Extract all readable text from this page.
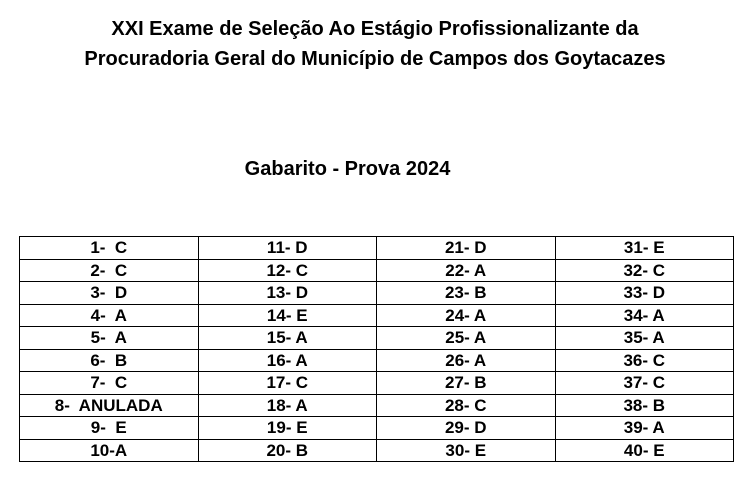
XXI Exame de Seleção Ao Estágio Profissionalizante da
Procuradoria Geral do Município de Campos dos Goytacazes
Gabarito - Prova 2024
1-  C	11- D	21- D	31- E
2-  C	12- C	22- A	32- C
3-  D	13- D	23- B	33- D
4-  A	14- E	24- A	34- A
5-  A	15- A	25- A	35- A
6-  B	16- A	26- A	36- C
7-  C	17- C	27- B	37- C
8-  ANULADA	18- A	28- C	38- B
9-  E	19- E	29- D	39- A
10-A	20- B	30- E	40- E
